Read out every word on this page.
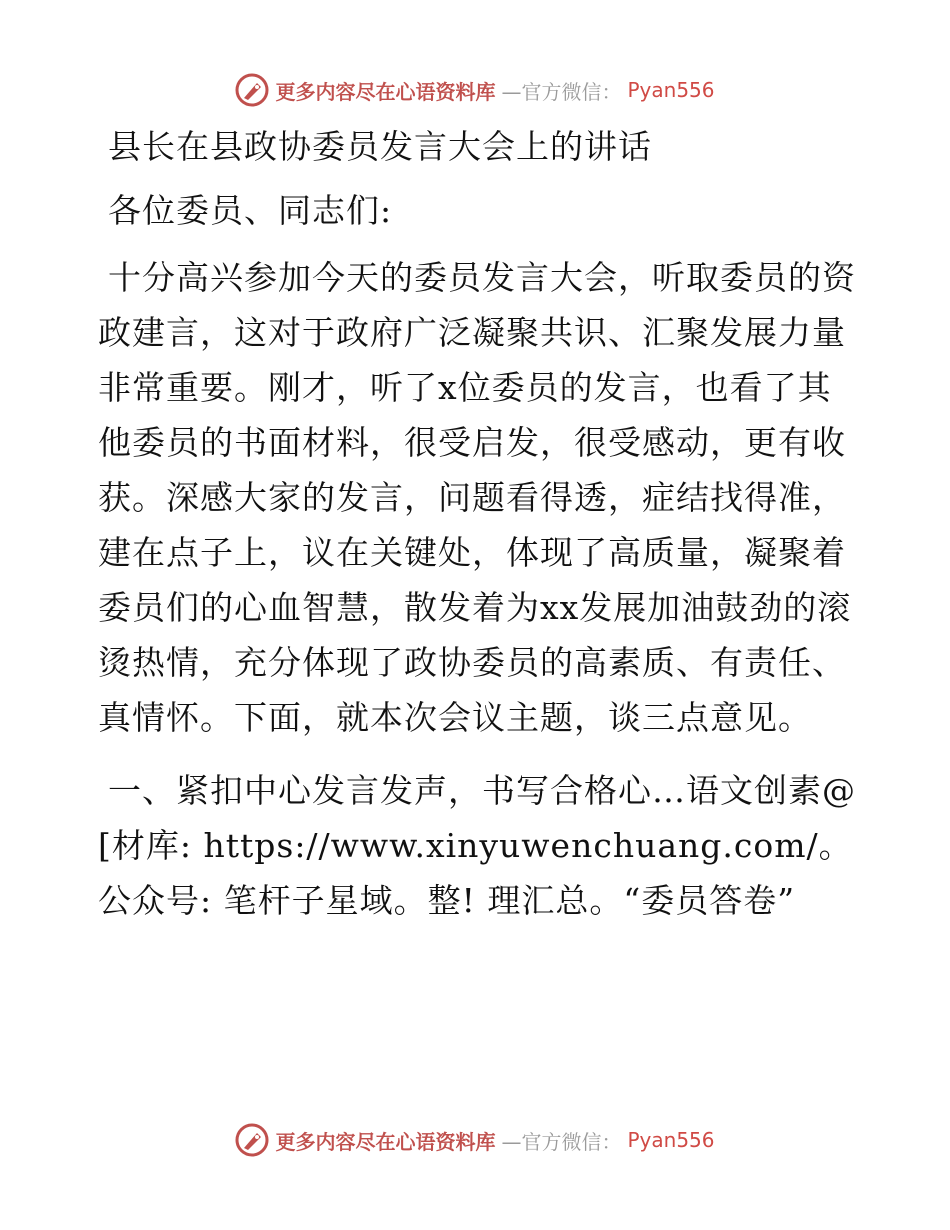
更多内容尽在心语资料库 —官方微信： Pyan556
县长在县政协委员发言大会上的讲话
各位委员、同志们:

十分高兴参加今天的委员发言大会，听取委员的资政建言，这对于政府广泛凝聚共识、汇聚发展力量非常重要。刚才，听了x位委员的发言，也看了其他委员的书面材料，很受启发，很受感动，更有收获。深感大家的发言，问题看得透，症结找得准，建在点子上，议在关键处，体现了高质量，凝聚着委员们的心血智慧，散发着为xx发展加油鼓劲的滚烫热情，充分体现了政协委员的高素质、有责任、真情怀。下面，就本次会议主题，谈三点意见。

一、紧扣中心发言发声，书写合格心…语文创素@[材库: https://www.xinyuwenchuang.com/。公众号: 笔杆子星域。整! 理汇总。“委员答卷”

更多内容尽在心语资料库 —官方微信： Pyan556
